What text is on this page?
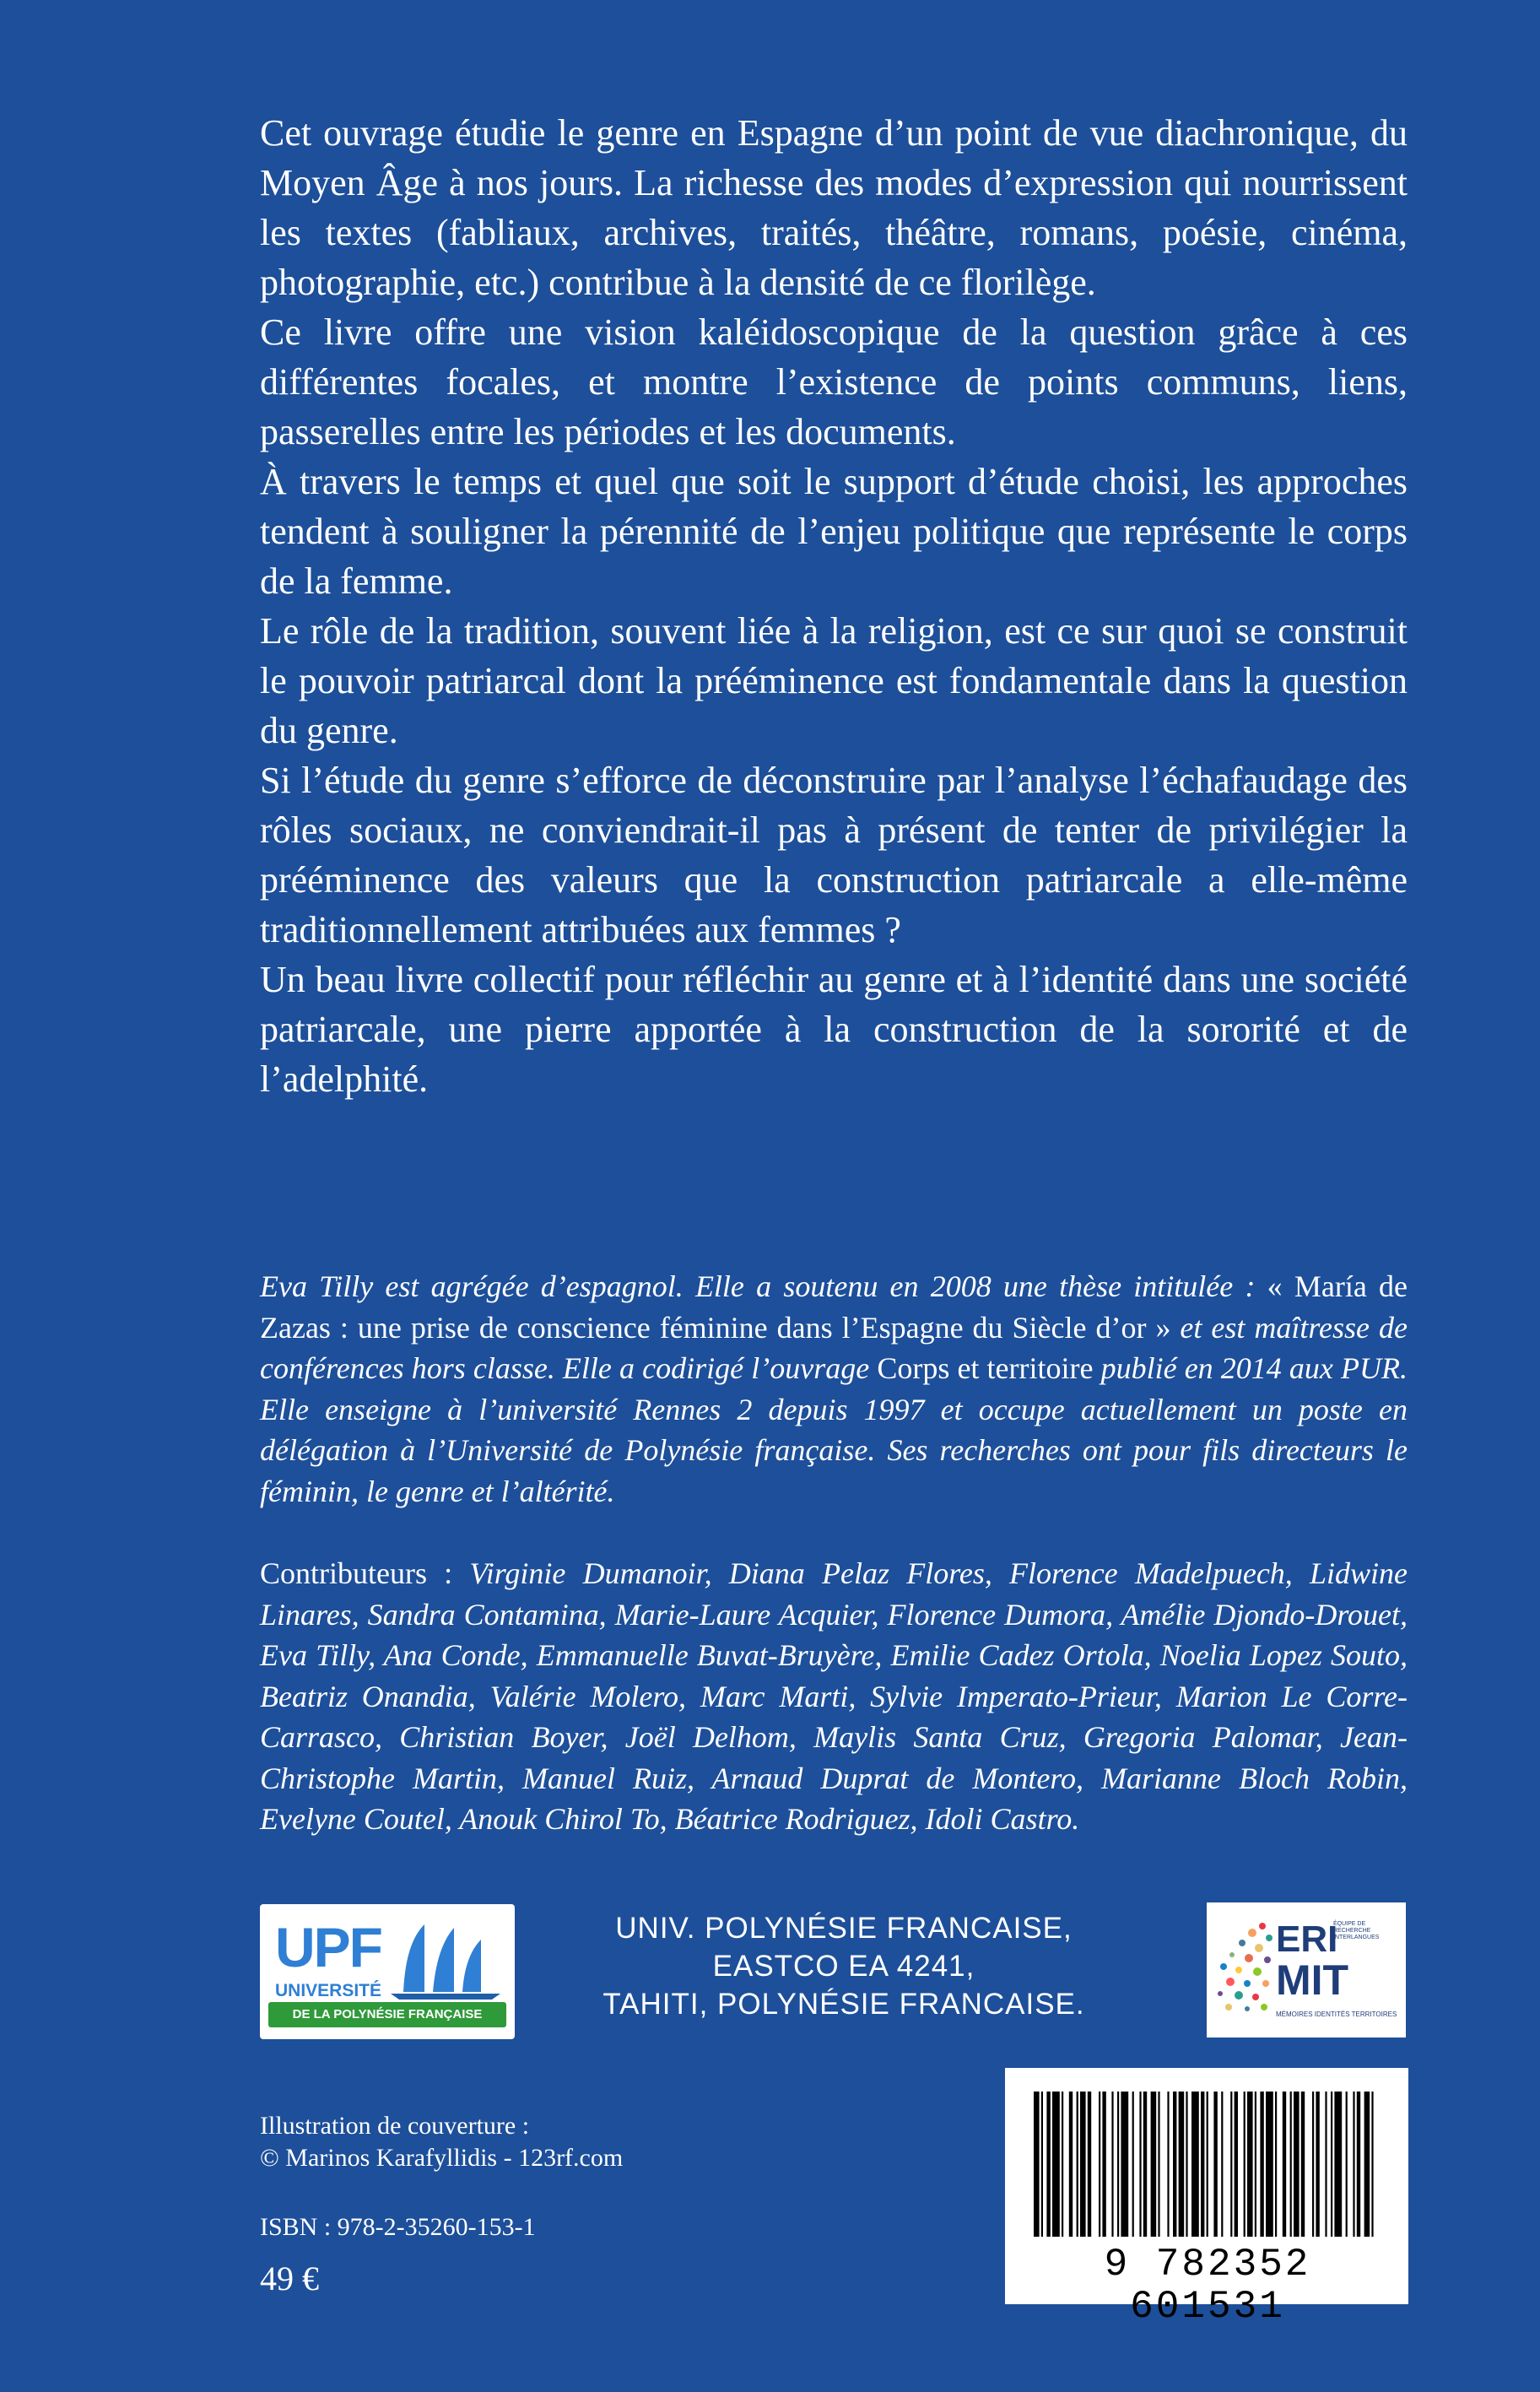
Cet ouvrage étudie le genre en Espagne d’un point de vue diachronique, du Moyen Âge à nos jours. La richesse des modes d’expression qui nourrissent les textes (fabliaux, archives, traités, théâtre, romans, poésie, cinéma, photographie, etc.) contribue à la densité de ce florilège.

Ce livre offre une vision kaléidoscopique de la question grâce à ces différentes focales, et montre l’existence de points communs, liens, passerelles entre les périodes et les documents.

À travers le temps et quel que soit le support d’étude choisi, les approches tendent à souligner la pérennité de l’enjeu politique que représente le corps de la femme.

Le rôle de la tradition, souvent liée à la religion, est ce sur quoi se construit le pouvoir patriarcal dont la prééminence est fondamentale dans la question du genre.

Si l’étude du genre s’efforce de déconstruire par l’analyse l’échafaudage des rôles sociaux, ne conviendrait-il pas à présent de tenter de privilégier la prééminence des valeurs que la construction patriarcale a elle-même traditionnellement attribuées aux femmes ?

Un beau livre collectif pour réfléchir au genre et à l’identité dans une société patriarcale, une pierre apportée à la construction de la sororité et de l’adelphité.

Eva Tilly est agrégée d’espagnol. Elle a soutenu en 2008 une thèse intitulée : « María de Zazas : une prise de conscience féminine dans l’Espagne du Siècle d’or » et est maîtresse de conférences hors classe. Elle a codirigé l’ouvrage Corps et territoire publié en 2014 aux PUR. Elle enseigne à l’université Rennes 2 depuis 1997 et occupe actuellement un poste en délégation à l’Université de Polynésie française. Ses recherches ont pour fils directeurs le féminin, le genre et l’altérité.

Contributeurs : Virginie Dumanoir, Diana Pelaz Flores, Florence Madelpuech, Lidwine Linares, Sandra Contamina, Marie-Laure Acquier, Florence Dumora, Amélie Djondo-Drouet, Eva Tilly, Ana Conde, Emmanuelle Buvat-Bruyère, Emilie Cadez Ortola, Noelia Lopez Souto, Beatriz Onandia, Valérie Molero, Marc Marti, Sylvie Imperato-Prieur, Marion Le Corre-Carrasco, Christian Boyer, Joël Delhom, Maylis Santa Cruz, Gregoria Palomar, Jean-Christophe Martin, Manuel Ruiz, Arnaud Duprat de Montero, Marianne Bloch Robin, Evelyne Coutel, Anouk Chirol To, Béatrice Rodriguez, Idoli Castro.

UPF
UNIVERSITÉ
DE LA POLYNÉSIE FRANÇAISE
UNIV. POLYNÉSIE FRANCAISE,
EASTCO EA 4241,
TAHITI, POLYNÉSIE FRANCAISE.
ERI
ÉQUIPE DE RECHERCHE INTERLANGUES
MIT
MÉMOIRES IDENTITÉS TERRITOIRES
Illustration de couverture :
© Marinos Karafyllidis - 123rf.com
ISBN : 978-2-35260-153-1
49 €	9 782352 601531
